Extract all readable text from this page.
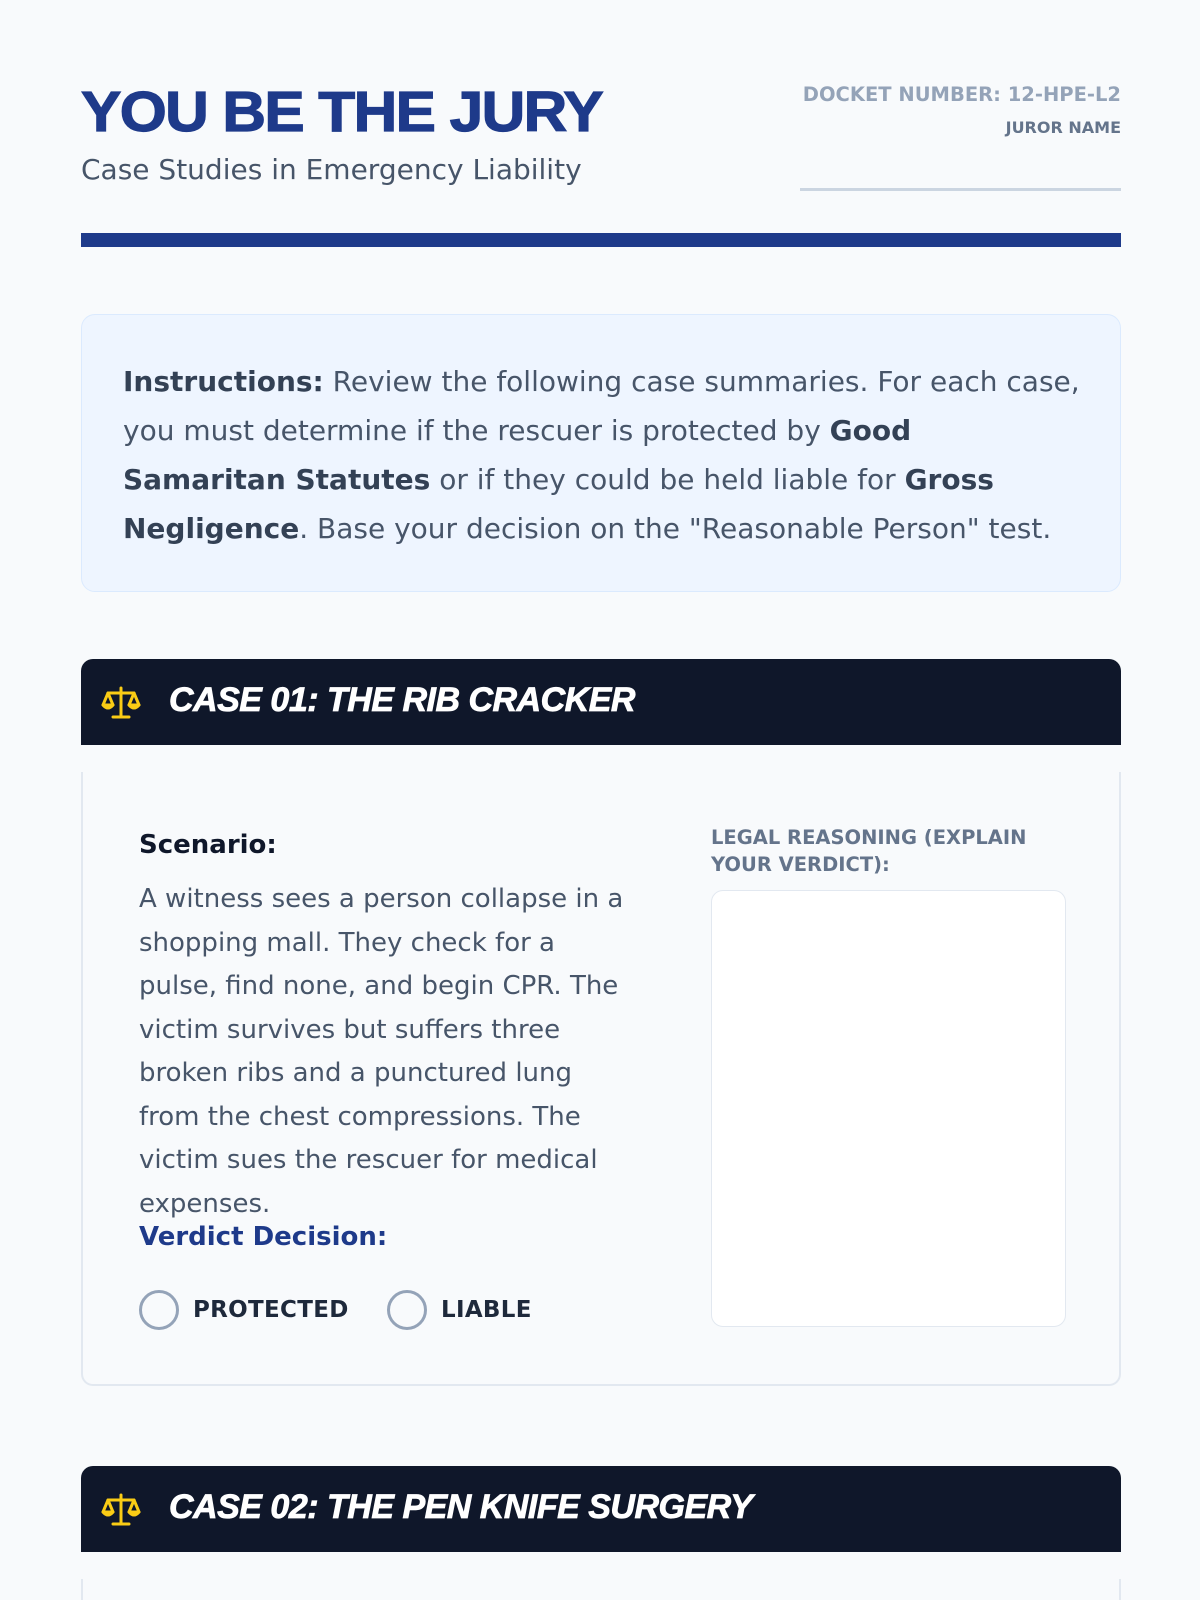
YOU BE THE JURY
Case Studies in Emergency Liability
DOCKET NUMBER: 12-HPE-L2
JUROR NAME
Instructions: Review the following case summaries. For each case, you must determine if the rescuer is protected by Good Samaritan Statutes or if they could be held liable for Gross Negligence. Base your decision on the "Reasonable Person" test.
CASE 01: THE RIB CRACKER
Scenario:
A witness sees a person collapse in a shopping mall. They check for a pulse, find none, and begin CPR. The victim survives but suffers three broken ribs and a punctured lung from the chest compressions. The victim sues the rescuer for medical expenses.
Verdict Decision:
PROTECTED	LIABLE
LEGAL REASONING (EXPLAIN YOUR VERDICT):
CASE 02: THE PEN KNIFE SURGERY
